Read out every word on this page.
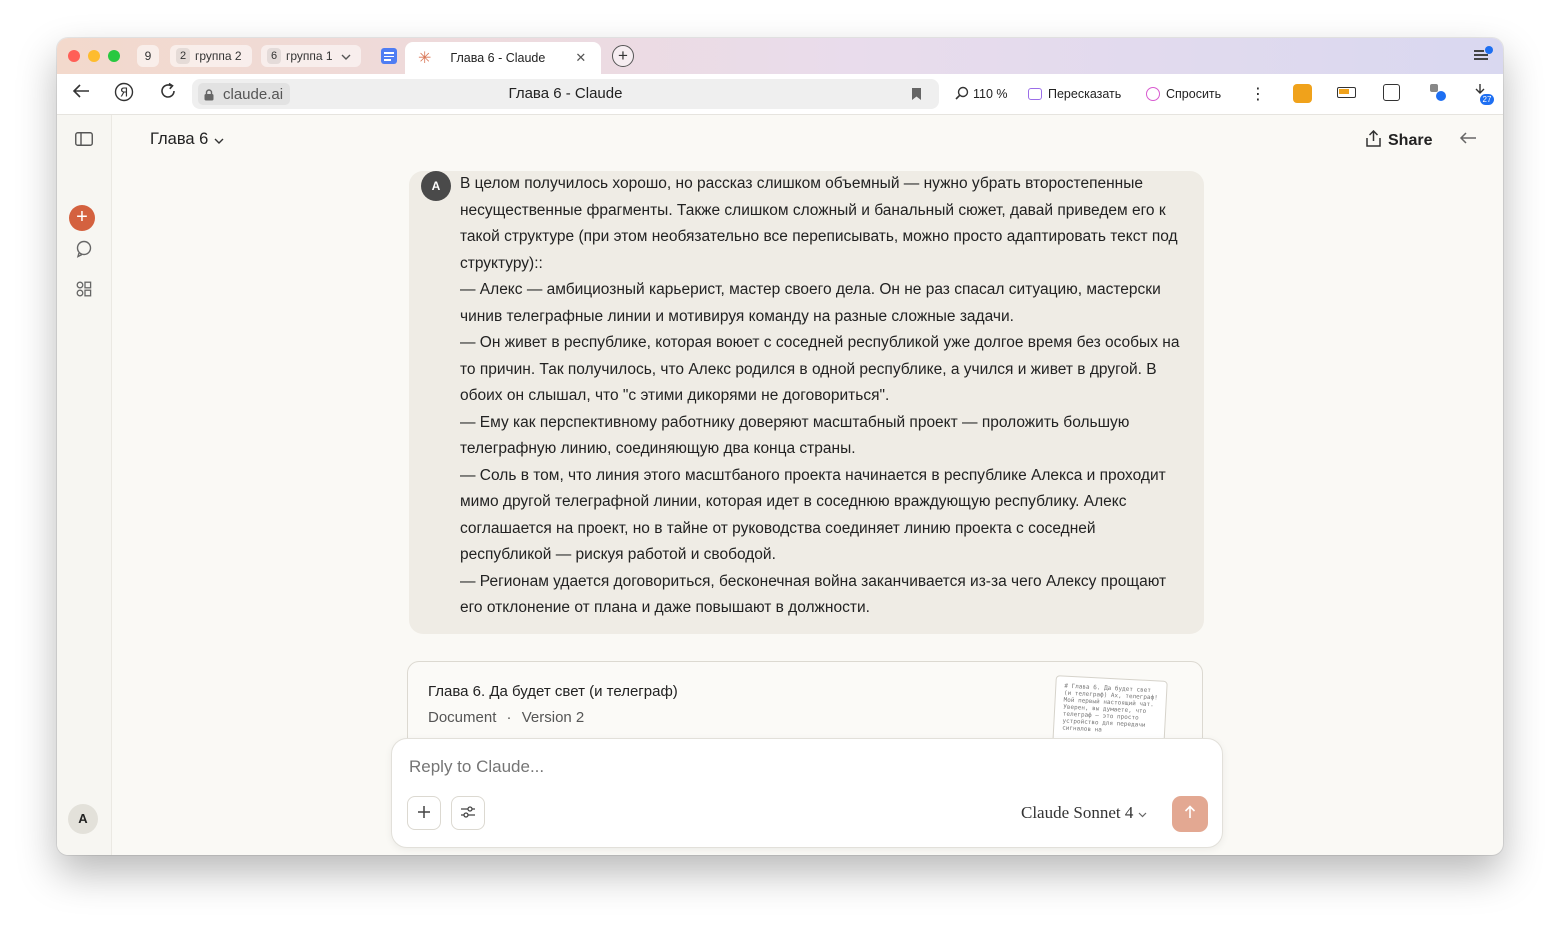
9	2 группа 2	6 группа 1	✳ Глава 6 - Claude ✕	+
Я	claude.ai	Глава 6 - Claude	110 %	Пересказать	Спросить ⋮	27
+
A
Глава 6	Share
A	В целом получилось хорошо, но рассказ слишком объемный — нужно убрать второстепенные несущественные фрагменты. Также слишком сложный и банальный сюжет, давай приведем его к такой структуре (при этом необязательно все переписывать, можно просто адаптировать текст под структуру)::

— Алекс — амбициозный карьерист, мастер своего дела. Он не раз спасал ситуацию, мастерски чинив телеграфные линии и мотивируя команду на разные сложные задачи.

— Он живет в республике, которая воюет с соседней республикой уже долгое время без особых на то причин. Так получилось, что Алекс родился в одной республике, а учился и живет в другой. В обоих он слышал, что "с этими дикорями не договориться".

— Ему как перспективному работнику доверяют масштабный проект — проложить большую телеграфную линию, соединяющую два конца страны.

— Соль в том, что линия этого масштбаного проекта начинается в республике Алекса и проходит мимо другой телеграфной линии, которая идет в соседнюю враждующую республику. Алекс соглашается на проект, но в тайне от руководства соединяет линию проекта с соседней республикой — рискуя работой и свободой.

— Регионам удается договориться, бесконечная война заканчивается из-за чего Алексу прощают его отклонение от плана и даже повышают в должности.

Глава 6. Да будет свет (и телеграф)
Document · Version 2
# Глава 6. Да будет свет (и телеграф) Ах, телеграф! Мой первый настоящий чат. Уверен, вы думаете, что телеграф – это просто устройство для передачи сигналов на
Reply to Claude...
Claude Sonnet 4
